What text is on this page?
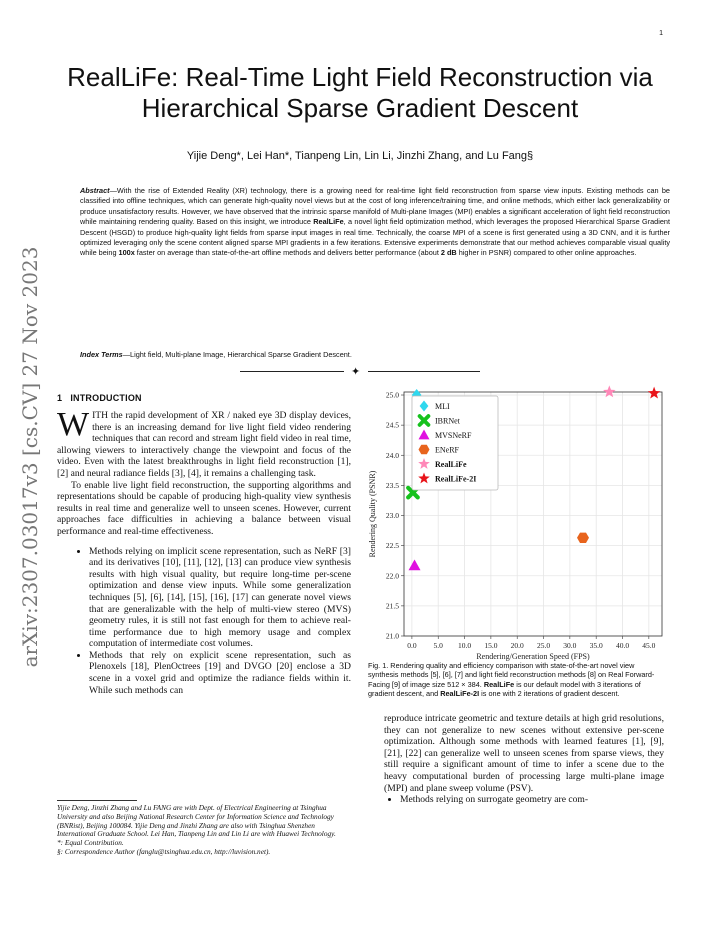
1
arXiv:2307.03017v3 [cs.CV] 27 Nov 2023
RealLiFe: Real-Time Light Field Reconstruction via Hierarchical Sparse Gradient Descent
Yijie Deng*, Lei Han*, Tianpeng Lin, Lin Li, Jinzhi Zhang, and Lu Fang§
Abstract—With the rise of Extended Reality (XR) technology, there is a growing need for real-time light field reconstruction from sparse view inputs. Existing methods can be classified into offline techniques, which can generate high-quality novel views but at the cost of long inference/training time, and online methods, which either lack generalizability or produce unsatisfactory results. However, we have observed that the intrinsic sparse manifold of Multi-plane Images (MPI) enables a significant acceleration of light field reconstruction while maintaining rendering quality. Based on this insight, we introduce RealLiFe, a novel light field optimization method, which leverages the proposed Hierarchical Sparse Gradient Descent (HSGD) to produce high-quality light fields from sparse input images in real time. Technically, the coarse MPI of a scene is first generated using a 3D CNN, and it is further optimized leveraging only the scene content aligned sparse MPI gradients in a few iterations. Extensive experiments demonstrate that our method achieves comparable visual quality while being 100x faster on average than state-of-the-art offline methods and delivers better performance (about 2 dB higher in PSNR) compared to other online approaches.
Index Terms—Light field, Multi-plane Image, Hierarchical Sparse Gradient Descent.
✦
1 INTRODUCTION

WITH the rapid development of XR / naked eye 3D display devices, there is an increasing demand for live light field video rendering techniques that can record and stream light field video in real time, allowing viewers to interactively change the viewpoint and focus of the video. Even with the latest breakthroughs in light field reconstruction [1], [2] and neural radiance fields [3], [4], it remains a challenging task.

To enable live light field reconstruction, the supporting algorithms and representations should be capable of producing high-quality view synthesis results in real time and generalize well to unseen scenes. However, current approaches face difficulties in achieving a balance between visual performance and real-time effectiveness.

• Methods relying on implicit scene representation, such as NeRF [3] and its derivatives [10], [11], [12], [13] can produce view synthesis results with high visual quality, but require long-time per-scene optimization and dense view inputs. While some generalization techniques [5], [6], [14], [15], [16], [17] can generate novel views that are generalizable with the help of multi-view stereo (MVS) geometry rules, it is still not fast enough for them to achieve real-time performance due to high memory usage and complex computation of intermediate cost volumes.
• Methods that rely on explicit scene representation, such as Plenoxels [18], PlenOctrees [19] and DVGO [20] enclose a 3D scene in a voxel grid and optimize the radiance fields within it. While such methods can
Yijie Deng, Jinzhi Zhang and Lu FANG are with Dept. of Electrical Engineering at Tsinghua University and also Beijing National Research Center for Information Science and Technology (BNRist), Beijing 100084. Yijie Deng and Jinzhi Zhang are also with Tsinghua Shenzhen International Graduate School. Lei Han, Tianpeng Lin and Lin Li are with Huawei Technology.
*: Equal Contribution.
§: Correspondence Author (fanglu@tsinghua.edu.cn, http://luvision.net).
0.0 5.0 10.0 15.0 20.0 25.0 30.0 35.0 40.0 45.0
21.0
21.5
22.0
22.5
23.0
23.5
24.0
24.5
25.0
Rendering/Generation Speed (FPS)
Rendering Quality (PSNR)
MLI
IBRNet
MVSNeRF
ENeRF
RealLiFe
RealLiFe-2I
Fig. 1. Rendering quality and efficiency comparison with state-of-the-art novel view synthesis methods [5], [6], [7] and light field reconstruction methods [8] on Real Forward-Facing [9] of image size 512 × 384. RealLiFe is our default model with 3 iterations of gradient descent, and RealLiFe-2I is one with 2 iterations of gradient descent.

reproduce intricate geometric and texture details at high grid resolutions, they can not generalize to new scenes without extensive per-scene optimization. Although some methods with learned features [1], [9], [21], [22] can generalize well to unseen scenes from sparse views, they still require a significant amount of time to infer a scene due to the heavy computational burden of processing large multi-plane image (MPI) and plane sweep volume (PSV).

• Methods relying on surrogate geometry are com-
